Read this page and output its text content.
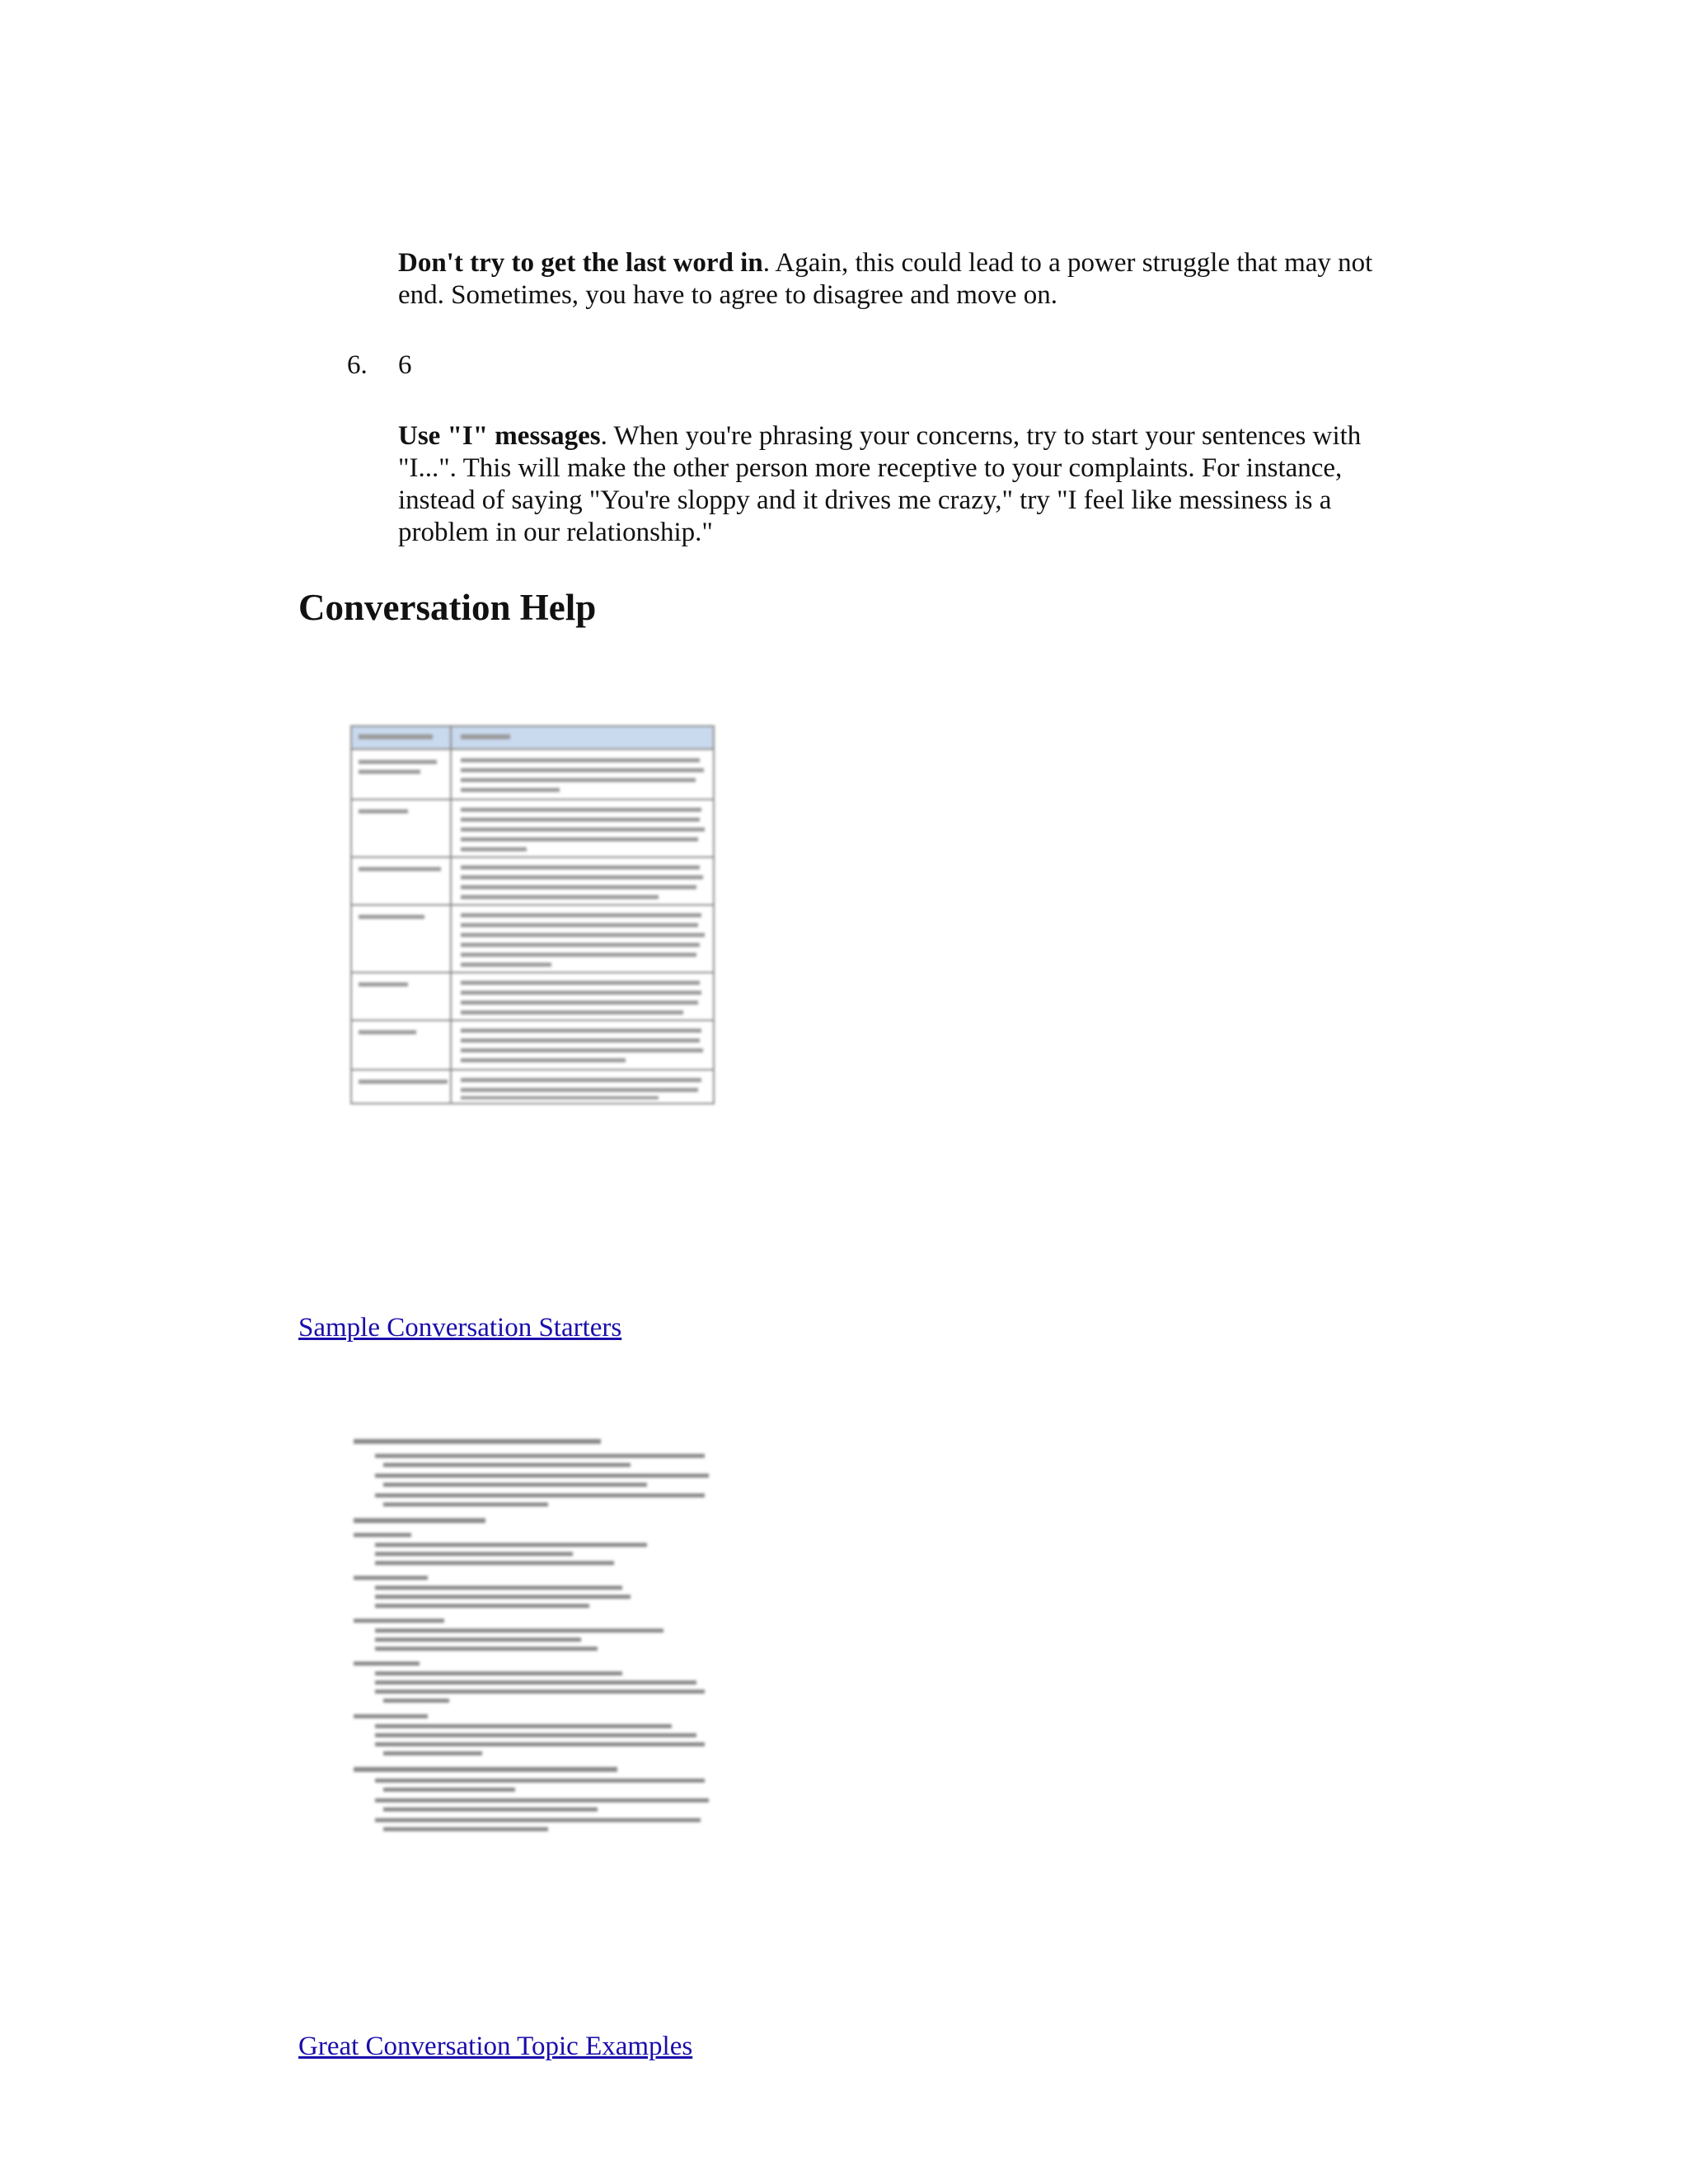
Don't try to get the last word in. Again, this could lead to a power struggle that may not end. Sometimes, you have to agree to disagree and move on.

6. 6

Use "I" messages. When you're phrasing your concerns, try to start your sentences with "I...". This will make the other person more receptive to your complaints. For instance, instead of saying "You're sloppy and it drives me crazy," try "I feel like messiness is a problem in our relationship."

Conversation Help
Sample Conversation Starters
Great Conversation Topic Examples
